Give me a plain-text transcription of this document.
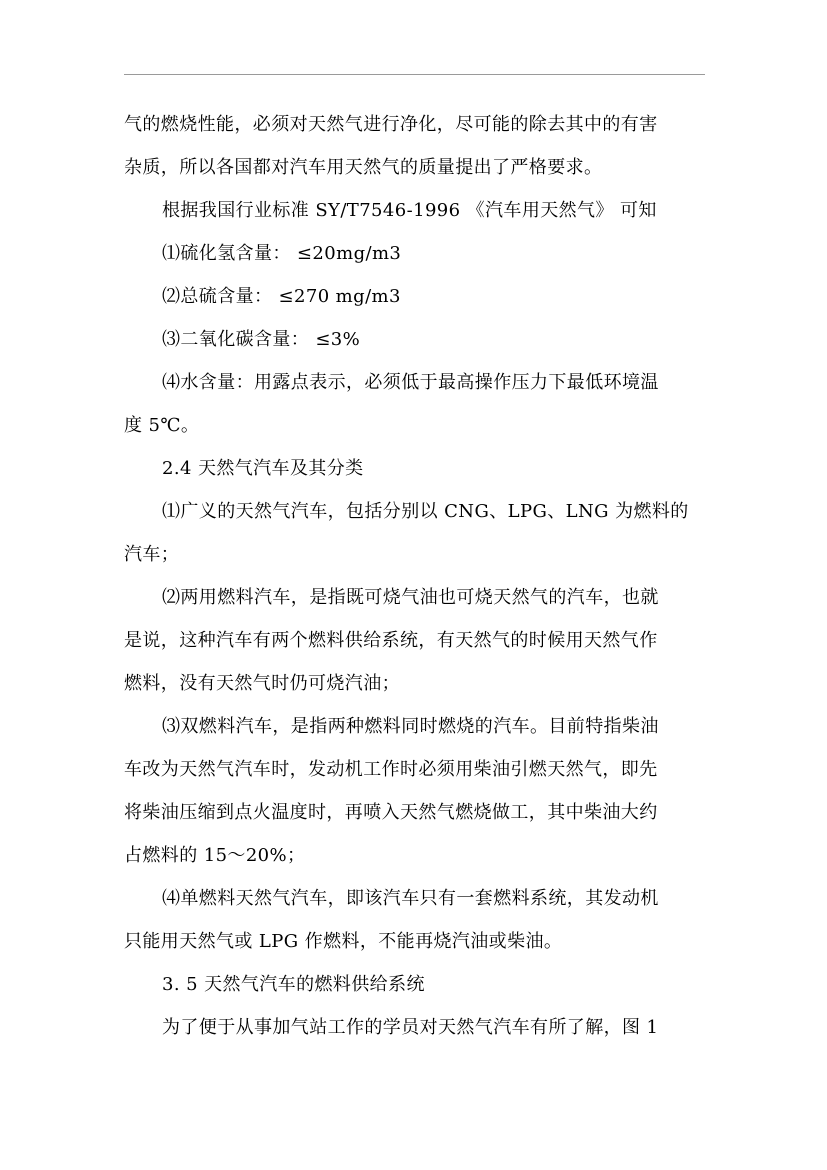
气的燃烧性能，必须对天然气进行净化，尽可能的除去其中的有害
杂质，所以各国都对汽车用天然气的质量提出了严格要求。
根据我国行业标准 SY/T7546-1996 《汽车用天然气》 可知
⑴硫化氢含量： ≤20mg/m3
⑵总硫含量： ≤270 mg/m3
⑶二氧化碳含量： ≤3%
⑷水含量：用露点表示，必须低于最高操作压力下最低环境温
度 5℃。
2.4 天然气汽车及其分类
⑴广义的天然气汽车，包括分别以 CNG、LPG、LNG 为燃料的
汽车；
⑵两用燃料汽车，是指既可烧气油也可烧天然气的汽车，也就
是说，这种汽车有两个燃料供给系统，有天然气的时候用天然气作
燃料，没有天然气时仍可烧汽油；
⑶双燃料汽车，是指两种燃料同时燃烧的汽车。目前特指柴油
车改为天然气汽车时，发动机工作时必须用柴油引燃天然气，即先
将柴油压缩到点火温度时，再喷入天然气燃烧做工，其中柴油大约
占燃料的 15～20%；
⑷单燃料天然气汽车，即该汽车只有一套燃料系统，其发动机
只能用天然气或 LPG 作燃料，不能再烧汽油或柴油。
3. 5 天然气汽车的燃料供给系统
为了便于从事加气站工作的学员对天然气汽车有所了解，图 1
